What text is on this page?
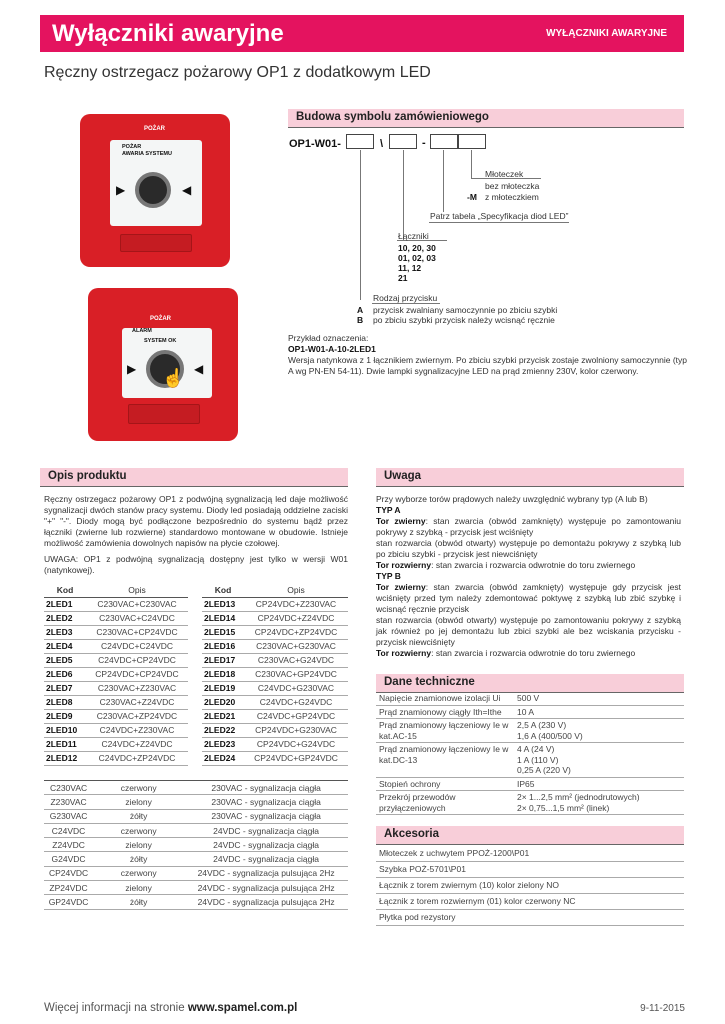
Wyłączniki awaryjne	WYŁĄCZNIKI AWARYJNE
Ręczny ostrzegacz pożarowy OP1 z dodatkowym LED
POŻAR
POŻAR
AWARIA SYSTEMU
▶	◀
POŻAR
ALARM
SYSTEM OK
▶	◀
☝
Budowa symbolu zamówieniowego
OP1-W01-	\	-
Młoteczek
bez młoteczka
-M z młoteczkiem
Patrz tabela „Specyfikacja diod LED”
Łączniki
10, 20, 30
01, 02, 03
11, 12
21
Rodzaj przycisku
A przycisk zwalniany samoczynnie po zbiciu szybki
B po zbiciu szybki przycisk należy wcisnąć ręcznie
Przykład oznaczenia:
OP1-W01-A-10-2LED1
Wersja natynkowa z 1 łącznikiem zwiernym. Po zbiciu szybki przycisk zostaje zwolniony samoczynnie (typ A wg PN-EN 54-11). Dwie lampki sygnalizacyjne LED na prąd zmienny 230V, kolor czerwony.
Opis produktu
Ręczny ostrzegacz pożarowy OP1 z podwójną sygnalizacją led daje możliwość sygnalizacji dwóch stanów pracy systemu. Diody led posiadają oddzielne zaciski "+" "-". Diody mogą być podłączone bezpośrednio do systemu bądź przez łączniki (zwierne lub rozwierne) standardowo montowane w obudowie. Istnieje możliwość zamówienia dowolnych napisów na płycie czołowej.
UWAGA: OP1 z podwójną sygnalizacją dostępny jest tylko w wersji W01 (natynkowej).
Kod	Opis
2LED1	C230VAC+C230VAC
2LED2	C230VAC+C24VDC
2LED3	C230VAC+CP24VDC
2LED4	C24VDC+C24VDC
2LED5	C24VDC+CP24VDC
2LED6	CP24VDC+CP24VDC
2LED7	C230VAC+Z230VAC
2LED8	C230VAC+Z24VDC
2LED9	C230VAC+ZP24VDC
2LED10	C24VDC+Z230VAC
2LED11	C24VDC+Z24VDC
2LED12	C24VDC+ZP24VDC
Kod	Opis
2LED13	CP24VDC+Z230VAC
2LED14	CP24VDC+Z24VDC
2LED15	CP24VDC+ZP24VDC
2LED16	C230VAC+G230VAC
2LED17	C230VAC+G24VDC
2LED18	C230VAC+GP24VDC
2LED19	C24VDC+G230VAC
2LED20	C24VDC+G24VDC
2LED21	C24VDC+GP24VDC
2LED22	CP24VDC+G230VAC
2LED23	CP24VDC+G24VDC
2LED24	CP24VDC+GP24VDC
C230VAC	czerwony	230VAC - sygnalizacja ciągła
Z230VAC	zielony	230VAC - sygnalizacja ciągła
G230VAC	żółty	230VAC - sygnalizacja ciągła
C24VDC	czerwony	24VDC - sygnalizacja ciągła
Z24VDC	zielony	24VDC - sygnalizacja ciągła
G24VDC	żółty	24VDC - sygnalizacja ciągła
CP24VDC	czerwony	24VDC - sygnalizacja pulsująca 2Hz
ZP24VDC	zielony	24VDC - sygnalizacja pulsująca 2Hz
GP24VDC	żółty	24VDC - sygnalizacja pulsująca 2Hz
Uwaga
Przy wyborze torów prądowych należy uwzględnić wybrany typ (A lub B)
TYP A
Tor zwierny: stan zwarcia (obwód zamknięty) występuje po zamontowaniu pokrywy z szybką - przycisk jest wciśnięty
stan rozwarcia (obwód otwarty) występuje po demontażu pokrywy z szybką lub po zbiciu szybki - przycisk jest niewciśnięty
Tor rozwierny: stan zwarcia i rozwarcia odwrotnie do toru zwiernego
TYP B
Tor zwierny: stan zwarcia (obwód zamknięty) występuje gdy przycisk jest wciśnięty przed tym należy zdemontować poktywę z szybką lub zbić szybkę i wcisnąć ręcznie przycisk
stan rozwarcia (obwód otwarty) występuje po zamontowaniu pokrywy z szybką jak również po jej demontażu lub zbici szybki ale bez wciskania przycisku - przycisk niewciśnięty
Tor rozwierny: stan zwarcia i rozwarcia odwrotnie do toru zwiernego
Dane techniczne
Napięcie znamionowe izolacji Ui	500 V
Prąd znamionowy ciągły Ith=Ithe	10 A
Prąd znamionowy łączeniowy Ie w kat.AC-15	2,5 A (230 V)
1,6 A (400/500 V)
Prąd znamionowy łączeniowy Ie w kat.DC-13	4 A (24 V)
1 A (110 V)
0,25 A (220 V)
Stopień ochrony	IP65
Przekrój przewodów przyłączeniowych	2× 1...2,5 mm² (jednodrutowych)
2× 0,75...1,5 mm² (linek)
Akcesoria
Młoteczek z uchwytem PPOŻ-1200\P01
Szybka POŻ-5701\P01
Łącznik z torem zwiernym (10) kolor zielony NO
Łącznik z torem rozwiernym (01) kolor czerwony NC
Płytka pod rezystory
Więcej informacji na stronie www.spamel.com.pl	9-11-2015
